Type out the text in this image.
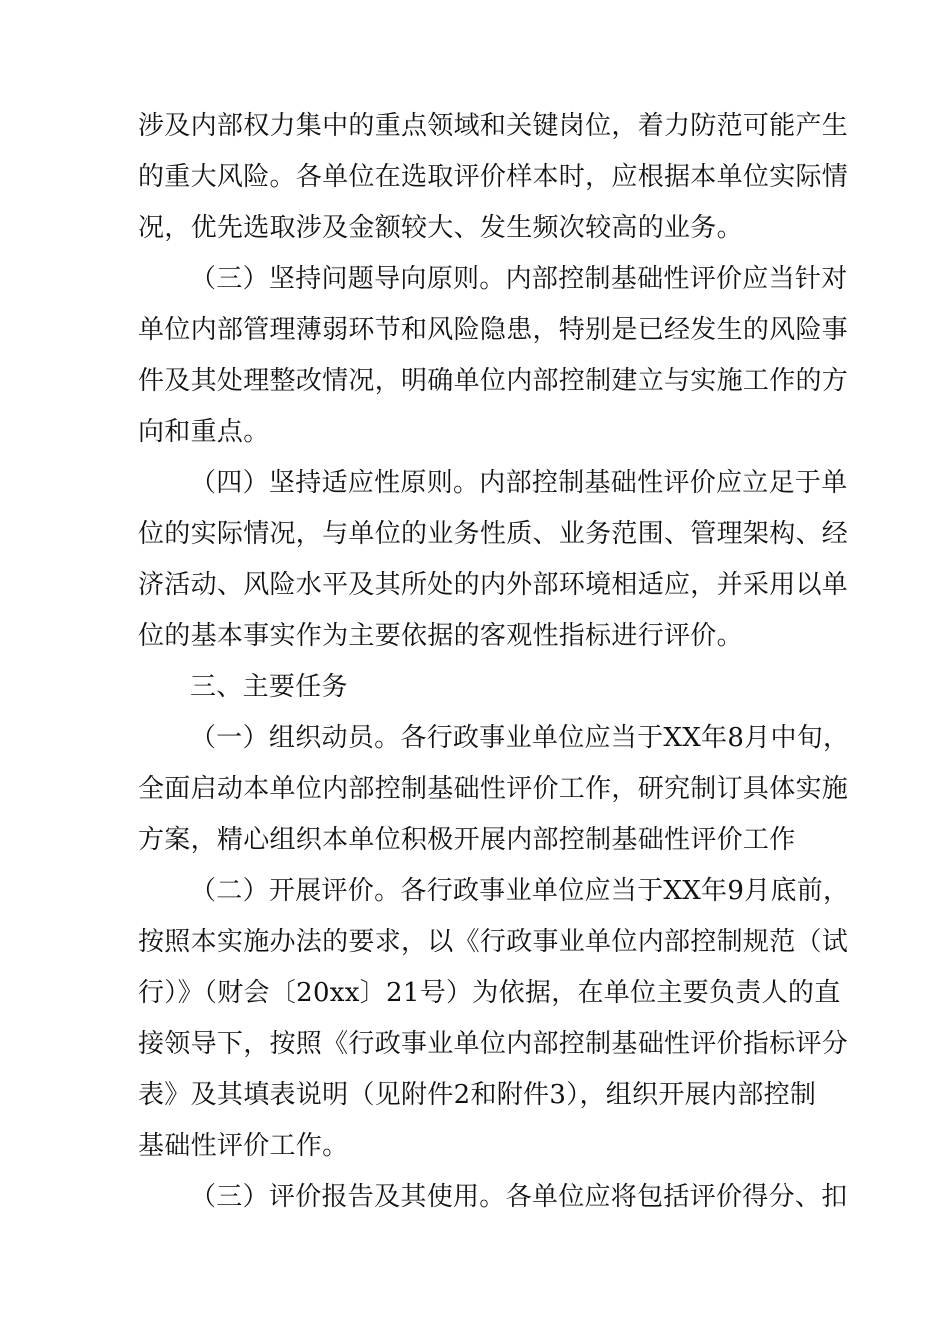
涉及内部权力集中的重点领域和关键岗位，着力防范可能产生
的重大风险。各单位在选取评价样本时，应根据本单位实际情
况，优先选取涉及金额较大、发生频次较高的业务。
（三）坚持问题导向原则。内部控制基础性评价应当针对
单位内部管理薄弱环节和风险隐患，特别是已经发生的风险事
件及其处理整改情况，明确单位内部控制建立与实施工作的方
向和重点。
（四）坚持适应性原则。内部控制基础性评价应立足于单
位的实际情况，与单位的业务性质、业务范围、管理架构、经
济活动、风险水平及其所处的内外部环境相适应，并采用以单
位的基本事实作为主要依据的客观性指标进行评价。
三、主要任务
（一）组织动员。各行政事业单位应当于XX年8月中旬，
全面启动本单位内部控制基础性评价工作，研究制订具体实施
方案，精心组织本单位积极开展内部控制基础性评价工作
（二）开展评价。各行政事业单位应当于XX年9月底前，
按照本实施办法的要求，以《行政事业单位内部控制规范（试
行）》（财会〔20xx〕21号）为依据，在单位主要负责人的直
接领导下，按照《行政事业单位内部控制基础性评价指标评分
表》及其填表说明（见附件2和附件3），组织开展内部控制
基础性评价工作。
（三）评价报告及其使用。各单位应将包括评价得分、扣
